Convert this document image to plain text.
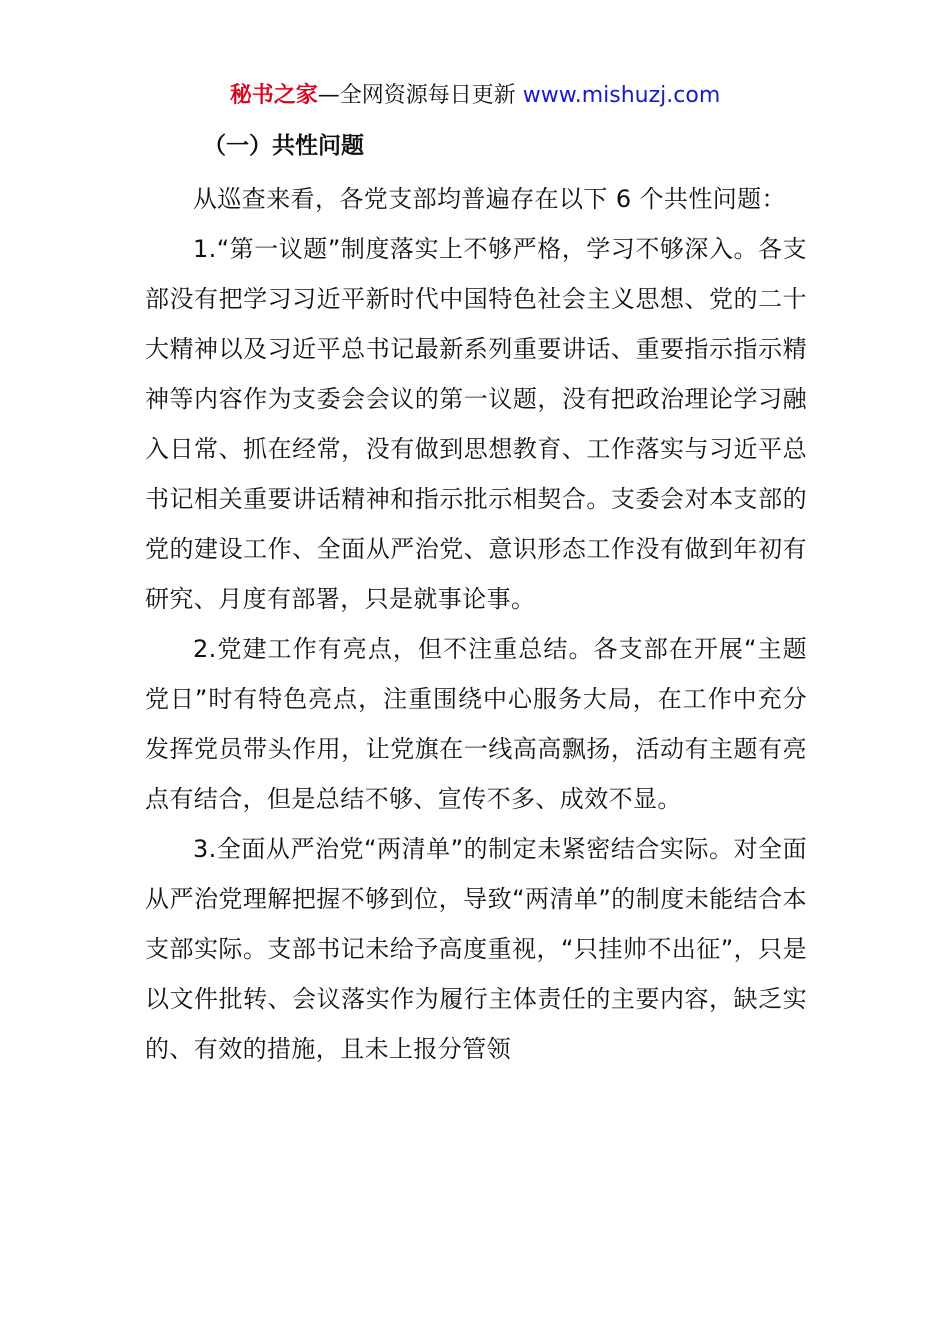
秘书之家—全网资源每日更新 www.mishuzj.com
（一）共性问题

从巡查来看，各党支部均普遍存在以下 6 个共性问题：

1.“第一议题”制度落实上不够严格，学习不够深入。各支部没有把学习习近平新时代中国特色社会主义思想、党的二十大精神以及习近平总书记最新系列重要讲话、重要指示指示精神等内容作为支委会会议的第一议题，没有把政治理论学习融入日常、抓在经常，没有做到思想教育、工作落实与习近平总书记相关重要讲话精神和指示批示相契合。支委会对本支部的党的建设工作、全面从严治党、意识形态工作没有做到年初有研究、月度有部署，只是就事论事。

2.党建工作有亮点，但不注重总结。各支部在开展“主题党日”时有特色亮点，注重围绕中心服务大局，在工作中充分发挥党员带头作用，让党旗在一线高高飘扬，活动有主题有亮点有结合，但是总结不够、宣传不多、成效不显。

3.全面从严治党“两清单”的制定未紧密结合实际。对全面从严治党理解把握不够到位，导致“两清单”的制度未能结合本支部实际。支部书记未给予高度重视，“只挂帅不出征”，只是以文件批转、会议落实作为履行主体责任的主要内容，缺乏实的、有效的措施，且未上报分管领
